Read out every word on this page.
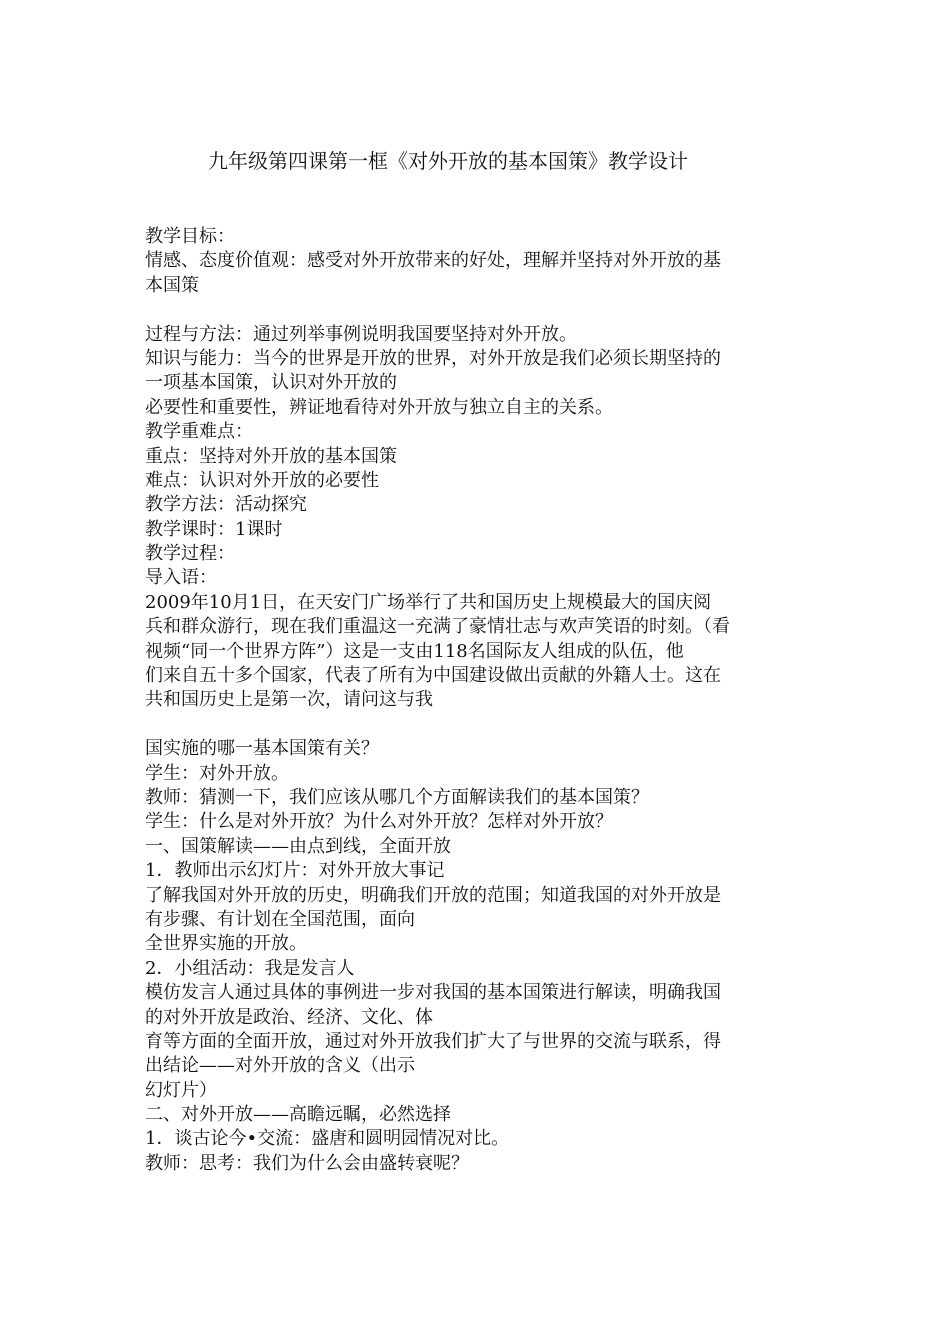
九年级第四课第一框《对外开放的基本国策》教学设计
教学目标：
情感、态度价值观：感受对外开放带来的好处，理解并坚持对外开放的基
本国策
过程与方法：通过列举事例说明我国要坚持对外开放。
知识与能力：当今的世界是开放的世界，对外开放是我们必须长期坚持的
一项基本国策，认识对外开放的
必要性和重要性，辨证地看待对外开放与独立自主的关系。
教学重难点：
重点：坚持对外开放的基本国策
难点：认识对外开放的必要性
教学方法：活动探究
教学课时：1课时
教学过程：
导入语：
2009年10月1日，在天安门广场举行了共和国历史上规模最大的国庆阅
兵和群众游行，现在我们重温这一充满了豪情壮志与欢声笑语的时刻。（看
视频“同一个世界方阵”）这是一支由118名国际友人组成的队伍，他
们来自五十多个国家，代表了所有为中国建设做出贡献的外籍人士。这在
共和国历史上是第一次，请问这与我
国实施的哪一基本国策有关？
学生：对外开放。
教师：猜测一下，我们应该从哪几个方面解读我们的基本国策？
学生：什么是对外开放？为什么对外开放？怎样对外开放？
一、国策解读——由点到线，全面开放
1．教师出示幻灯片：对外开放大事记
了解我国对外开放的历史，明确我们开放的范围；知道我国的对外开放是
有步骤、有计划在全国范围，面向
全世界实施的开放。
2．小组活动：我是发言人
模仿发言人通过具体的事例进一步对我国的基本国策进行解读，明确我国
的对外开放是政治、经济、文化、体
育等方面的全面开放，通过对外开放我们扩大了与世界的交流与联系，得
出结论——对外开放的含义（出示
幻灯片）
二、对外开放——高瞻远瞩，必然选择
1．谈古论今•交流：盛唐和圆明园情况对比。
教师：思考：我们为什么会由盛转衰呢？
